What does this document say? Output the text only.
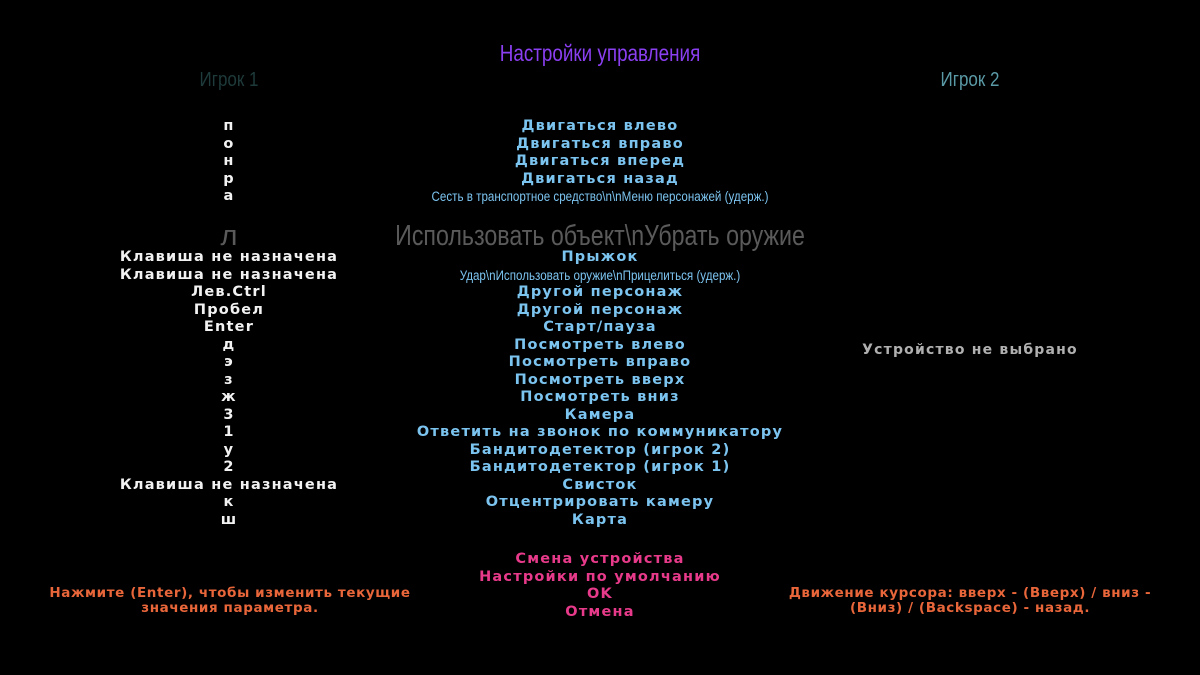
Настройки управления
Игрок 1	Игрок 2
п	Двигаться влево
о	Двигаться вправо
н	Двигаться вперед
р	Двигаться назад
а	Сесть в транспортное средство\n\nМеню персонажей (удерж.)
л	Использовать объект\nУбрать оружие
Клавиша не назначена	Прыжок
Клавиша не назначена	Удар\nИспользовать оружие\nПрицелиться (удерж.)
Лев.Ctrl	Другой персонаж
Пробел	Другой персонаж
Enter	Старт/пауза
д	Посмотреть влево
э	Посмотреть вправо
з	Посмотреть вверх
ж	Посмотреть вниз
3	Камера
1	Ответить на звонок по коммуникатору
у	Бандитодетектор (игрок 2)
2	Бандитодетектор (игрок 1)
Клавиша не назначена	Свисток
к	Отцентрировать камеру
ш	Карта
Устройство не выбрано
Смена устройства
Настройки по умолчанию
OK
Отмена
Нажмите (Enter), чтобы изменить текущие значения параметра.
Движение курсора: вверх - (Вверх) / вниз - (Вниз) / (Backspace) - назад.
